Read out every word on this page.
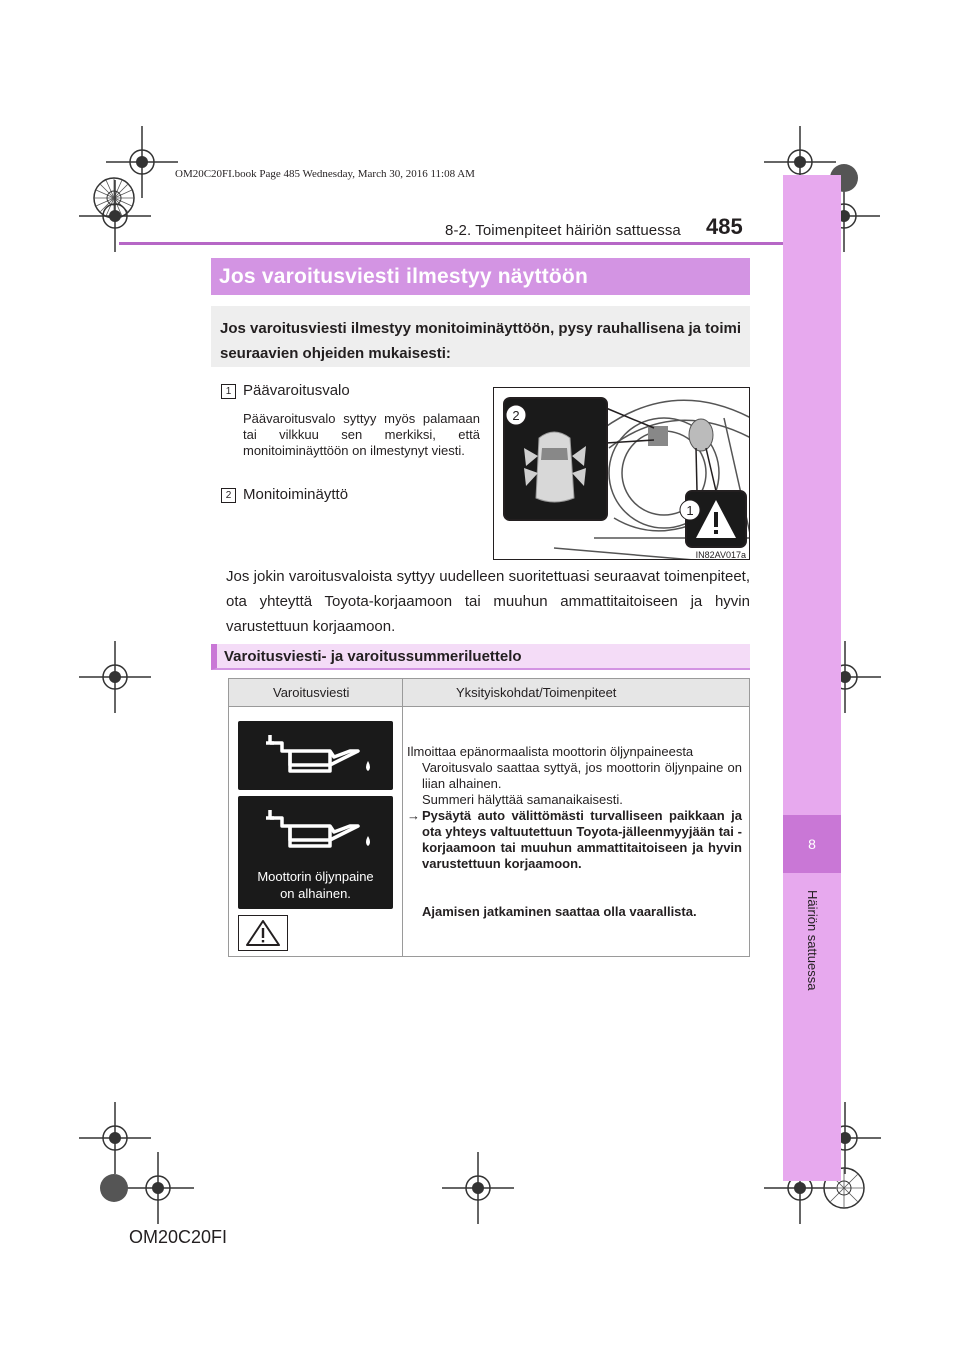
OM20C20FI.book Page 485 Wednesday, March 30, 2016 11:08 AM
8
Häiriön sattuessa
8-2. Toimenpiteet häiriön sattuessa 485
Jos varoitusviesti ilmestyy näyttöön
Jos varoitusviesti ilmestyy monitoiminäyttöön, pysy rauhallisena ja toimi seuraavien ohjeiden mukaisesti:
1 Päävaroitusvalo
Päävaroitusvalo syttyy myös palamaan tai vilkkuu sen merkiksi, että monitoiminäyttöön on ilmestynyt viesti.
2 Monitoiminäyttö
2
1
IN82AV017a
Jos jokin varoitusvaloista syttyy uudelleen suoritettuasi seuraavat toimenpiteet, ota yhteyttä Toyota-korjaamoon tai muuhun ammattitaitoiseen ja hyvin varustettuun korjaamoon.
Varoitusviesti- ja varoitussummeriluettelo
Varoitusviesti	Yksityiskohdat/Toimenpiteet
Moottorin öljynpaine
on alhainen.
Ilmoittaa epänormaalista moottorin öljynpaineesta
Varoitusvalo saattaa syttyä, jos moottorin öljynpaine on liian alhainen.
Summeri hälyttää samanaikaisesti.
→ Pysäytä auto välittömästi turvalliseen paikkaan ja ota yhteys valtuutettuun Toyota-jälleenmyyjään tai -korjaamoon tai muuhun ammattitaitoiseen ja hyvin varustettuun korjaamoon.
Ajamisen jatkaminen saattaa olla vaarallista.
OM20C20FI
